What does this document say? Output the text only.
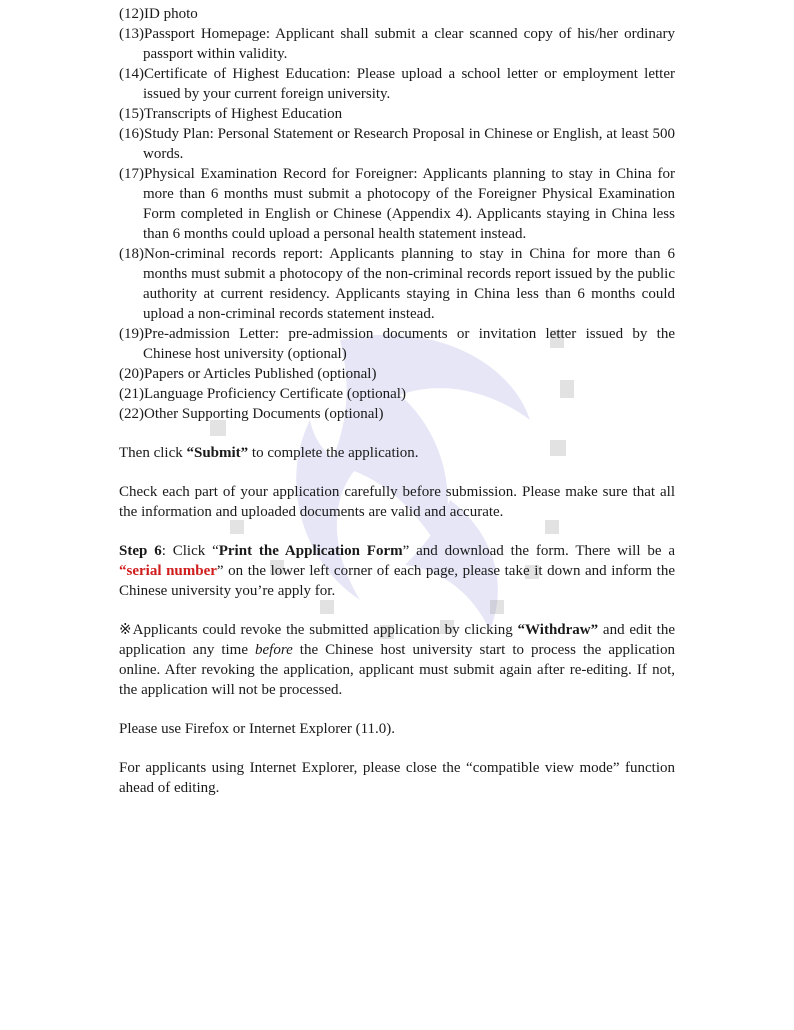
(12)ID photo
(13)Passport Homepage: Applicant shall submit a clear scanned copy of his/her ordinary passport within validity.
(14)Certificate of Highest Education: Please upload a school letter or employment letter issued by your current foreign university.
(15)Transcripts of Highest Education
(16)Study Plan: Personal Statement or Research Proposal in Chinese or English, at least 500 words.
(17)Physical Examination Record for Foreigner: Applicants planning to stay in China for more than 6 months must submit a photocopy of the Foreigner Physical Examination Form completed in English or Chinese (Appendix 4). Applicants staying in China less than 6 months could upload a personal health statement instead.
(18)Non-criminal records report: Applicants planning to stay in China for more than 6 months must submit a photocopy of the non-criminal records report issued by the public authority at current residency. Applicants staying in China less than 6 months could upload a non-criminal records statement instead.
(19)Pre-admission Letter: pre-admission documents or invitation letter issued by the Chinese host university (optional)
(20)Papers or Articles Published (optional)
(21)Language Proficiency Certificate (optional)
(22)Other Supporting Documents (optional)

Then click “Submit” to complete the application.

Check each part of your application carefully before submission. Please make sure that all the information and uploaded documents are valid and accurate.

Step 6: Click “Print the Application Form” and download the form. There will be a “serial number” on the lower left corner of each page, please take it down and inform the Chinese university you’re apply for.

※Applicants could revoke the submitted application by clicking “Withdraw” and edit the application any time before the Chinese host university start to process the application online. After revoking the application, applicant must submit again after re-editing. If not, the application will not be processed.

Please use Firefox or Internet Explorer (11.0).

For applicants using Internet Explorer, please close the “compatible view mode” function ahead of editing.
